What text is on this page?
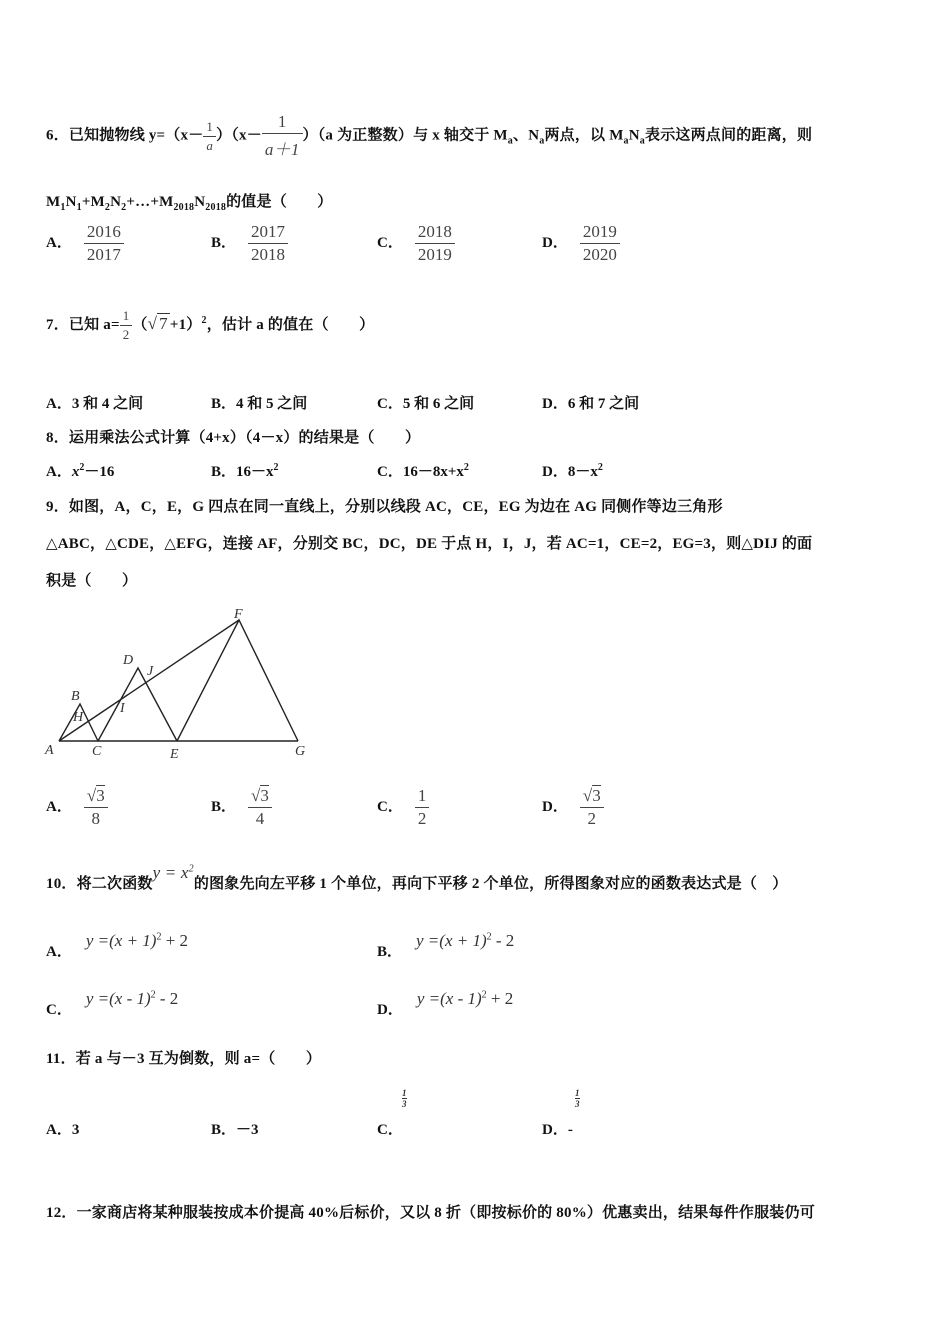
6．已知抛物线 $y=(x- \frac{1}{a} )(x- \frac{1}{a+1} )(a$ 为正整数）与 x 轴交于 $M_a$、$N_a$两点，以 $M_aN_a$表示这两点间的距离，则
$M_1N_1+M_2N_2+\dots+M_{2018}N_{2018}$的值是（　　）
A． $\frac{2016}{2017}$	B． $\frac{2017}{2018}$	C． $\frac{2018}{2019}$	D． $\frac{2019}{2020}$
7．已知 $a= \frac{1}{2}$ （√ 7 +1）$^2$，估计 a 的值在（　　）
A．3 和 4 之间	B．4 和 5 之间	C．5 和 6 之间	D．6 和 7 之间
8．运用乘法公式计算（4+x）（4－x）的结果是（　　）
A．$x^2-16$	B．$16-x^2$	C．$16-8x+x^2$	D．$8-x^2$
9．如图，A，C，E，G 四点在同一直线上，分别以线段 AC，CE，EG 为边在 AG 同侧作等边三角形
△ABC，△CDE，△EFG，连接 AF，分别交 BC，DC，DE 于点 H，I，J，若 AC=1，CE=2，EG=3，则△DIJ 的面
积是（　　）
A
B
C
D
E
F
G
H
I
J
A． $\frac{√3}{8}$	B． $\frac{√3}{4}$	C． $\frac{1}{2}$	D． $\frac{√3}{2}$
10．将二次函数$y = x^2$的图象先向左平移 1 个单位，再向下平移 2 个单位，所得图象对应的函数表达式是（　）
A．$y =(x + 1)^2 + 2$
B．$y =(x + 1)^2 - 2$
C．y =(x - 1)$^2$ - 2
D．y =(x - 1)$^2$ + 2
11．若 a 与－3 互为倒数，则 a=（　　）
A．3	B．－3	C．
$\frac{1}{3}$
D．-
$\frac{1}{3}$
12．一家商店将某种服装按成本价提高 40%后标价，又以 8 折（即按标价的 80%）优惠卖出，结果每件作服装仍可
